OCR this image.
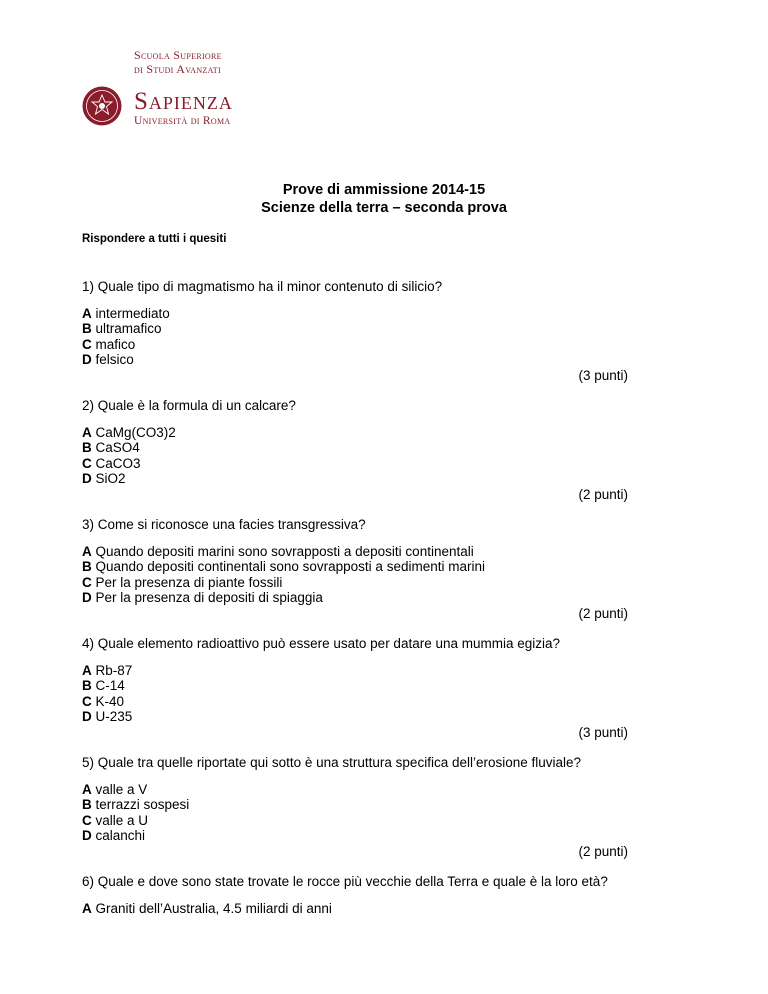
Scuola Superiore
di Studi Avanzati
Sapienza
Università di Roma
Prove di ammissione 2014-15
Scienze della terra – seconda prova
Rispondere a tutti i quesiti
1) Quale tipo di magmatismo ha il minor contenuto di silicio?
A intermediato
B ultramafico
C mafico
D felsico
(3 punti)
2) Quale è la formula di un calcare?
A CaMg(CO3)2
B CaSO4
C CaCO3
D SiO2
(2 punti)
3) Come si riconosce una facies transgressiva?
A Quando depositi marini sono sovrapposti a depositi continentali
B Quando depositi continentali sono sovrapposti a sedimenti marini
C Per la presenza di piante fossili
D Per la presenza di depositi di spiaggia
(2 punti)
4) Quale elemento radioattivo può essere usato per datare una mummia egizia?
A Rb-87
B C-14
C K-40
D U-235
(3 punti)
5) Quale tra quelle riportate qui sotto è una struttura specifica dell’erosione fluviale?
A valle a V
B terrazzi sospesi
C valle a U
D calanchi
(2 punti)
6) Quale e dove sono state trovate le rocce più vecchie della Terra e quale è la loro età?
A Graniti dell’Australia, 4.5 miliardi di anni
